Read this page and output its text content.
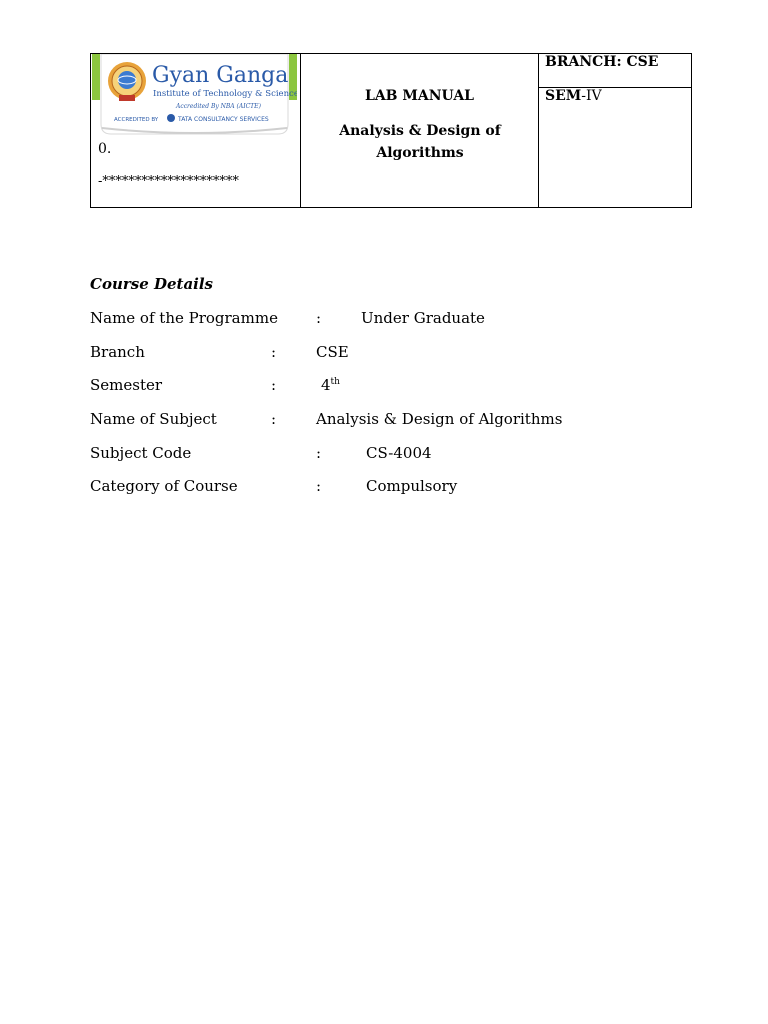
Gyan Ganga
Institute of Technology & Sciences
Accredited By NBA (AICTE)
ACCREDITED BY	TATA CONSULTANCY SERVICES
0.
-*********************
LAB MANUAL
Analysis & Design of Algorithms
BRANCH: CSE
SEM-IV
Course Details
Name of the Programme	:	Under Graduate
Branch	:	CSE
Semester	:	4th
Name of Subject	:	Analysis & Design of Algorithms
Subject Code	:	CS-4004
Category of Course	:	Compulsory
